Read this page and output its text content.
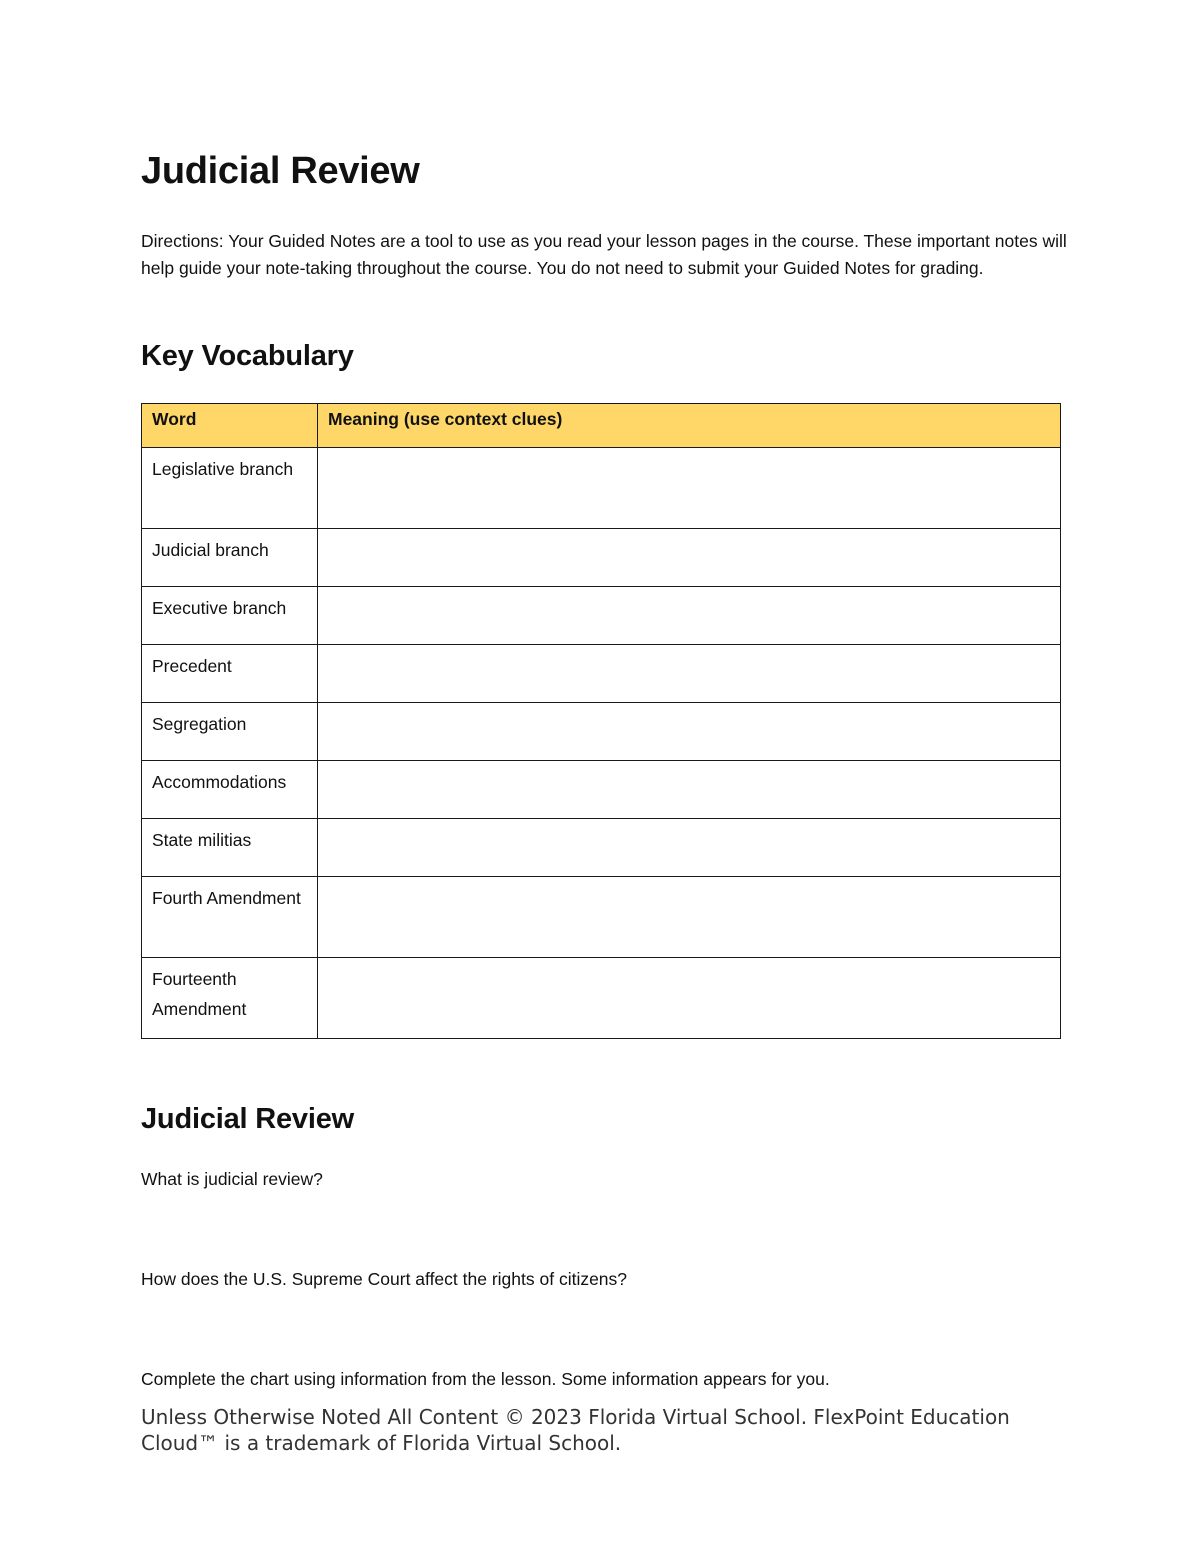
Judicial Review

Directions: Your Guided Notes are a tool to use as you read your lesson pages in the course. These important notes will help guide your note-taking throughout the course. You do not need to submit your Guided Notes for grading.

Key Vocabulary
Word	Meaning (use context clues)
Legislative branch	
Judicial branch	
Executive branch	
Precedent	
Segregation	
Accommodations	
State militias	
Fourth Amendment	
Fourteenth Amendment	
Judicial Review

What is judicial review?

How does the U.S. Supreme Court affect the rights of citizens?

Complete the chart using information from the lesson. Some information appears for you.

Unless Otherwise Noted All Content © 2023 Florida Virtual School. FlexPoint Education Cloud™ is a trademark of Florida Virtual School.
